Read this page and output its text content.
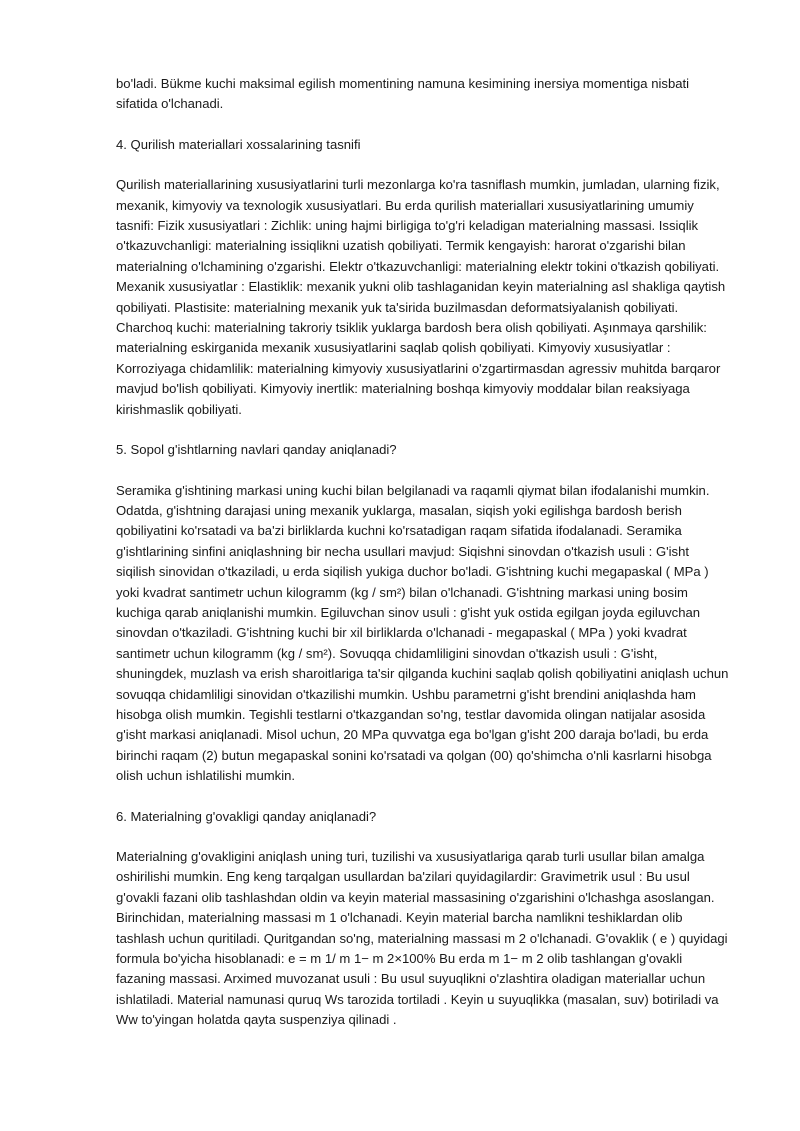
bo'ladi. Bükme kuchi maksimal egilish momentining namuna kesimining inersiya momentiga nisbati sifatida o'lchanadi.

4. Qurilish materiallari xossalarining tasnifi

Qurilish materiallarining xususiyatlarini turli mezonlarga ko'ra tasniflash mumkin, jumladan, ularning fizik, mexanik, kimyoviy va texnologik xususiyatlari. Bu erda qurilish materiallari xususiyatlarining umumiy tasnifi: Fizik xususiyatlari : Zichlik: uning hajmi birligiga to'g'ri keladigan materialning massasi. Issiqlik o'tkazuvchanligi: materialning issiqlikni uzatish qobiliyati. Termik kengayish: harorat o'zgarishi bilan materialning o'lchamining o'zgarishi. Elektr o'tkazuvchanligi: materialning elektr tokini o'tkazish qobiliyati. Mexanik xususiyatlar : Elastiklik: mexanik yukni olib tashlaganidan keyin materialning asl shakliga qaytish qobiliyati. Plastisite: materialning mexanik yuk ta'sirida buzilmasdan deformatsiyalanish qobiliyati. Charchoq kuchi: materialning takroriy tsiklik yuklarga bardosh bera olish qobiliyati. Aşınmaya qarshilik: materialning eskirganida mexanik xususiyatlarini saqlab qolish qobiliyati. Kimyoviy xususiyatlar : Korroziyaga chidamlilik: materialning kimyoviy xususiyatlarini o'zgartirmasdan agressiv muhitda barqaror mavjud bo'lish qobiliyati. Kimyoviy inertlik: materialning boshqa kimyoviy moddalar bilan reaksiyaga kirishmaslik qobiliyati.

5. Sopol g'ishtlarning navlari qanday aniqlanadi?

Seramika g'ishtining markasi uning kuchi bilan belgilanadi va raqamli qiymat bilan ifodalanishi mumkin. Odatda, g'ishtning darajasi uning mexanik yuklarga, masalan, siqish yoki egilishga bardosh berish qobiliyatini ko'rsatadi va ba'zi birliklarda kuchni ko'rsatadigan raqam sifatida ifodalanadi. Seramika g'ishtlarining sinfini aniqlashning bir necha usullari mavjud: Siqishni sinovdan o'tkazish usuli : G'isht siqilish sinovidan o'tkaziladi, u erda siqilish yukiga duchor bo'ladi. G'ishtning kuchi megapaskal ( MPa ) yoki kvadrat santimetr uchun kilogramm (kg / sm²) bilan o'lchanadi. G'ishtning markasi uning bosim kuchiga qarab aniqlanishi mumkin. Egiluvchan sinov usuli : g'isht yuk ostida egilgan joyda egiluvchan sinovdan o'tkaziladi. G'ishtning kuchi bir xil birliklarda o'lchanadi - megapaskal ( MPa ) yoki kvadrat santimetr uchun kilogramm (kg / sm²). Sovuqqa chidamliligini sinovdan o'tkazish usuli : G'isht, shuningdek, muzlash va erish sharoitlariga ta'sir qilganda kuchini saqlab qolish qobiliyatini aniqlash uchun sovuqqa chidamliligi sinovidan o'tkazilishi mumkin. Ushbu parametrni g'isht brendini aniqlashda ham hisobga olish mumkin. Tegishli testlarni o'tkazgandan so'ng, testlar davomida olingan natijalar asosida g'isht markasi aniqlanadi. Misol uchun, 20 MPa quvvatga ega bo'lgan g'isht 200 daraja bo'ladi, bu erda birinchi raqam (2) butun megapaskal sonini ko'rsatadi va qolgan (00) qo'shimcha o'nli kasrlarni hisobga olish uchun ishlatilishi mumkin.

6. Materialning g'ovakligi qanday aniqlanadi?

Materialning g'ovakligini aniqlash uning turi, tuzilishi va xususiyatlariga qarab turli usullar bilan amalga oshirilishi mumkin. Eng keng tarqalgan usullardan ba'zilari quyidagilardir: Gravimetrik usul : Bu usul g'ovakli fazani olib tashlashdan oldin va keyin material massasining o'zgarishini o'lchashga asoslangan. Birinchidan, materialning massasi m 1 o'lchanadi. Keyin material barcha namlikni teshiklardan olib tashlash uchun quritiladi. Quritgandan so'ng, materialning massasi m 2 o'lchanadi. G'ovaklik ( e ) quyidagi formula bo'yicha hisoblanadi: e = m 1/ m 1− m 2×100% Bu erda m 1− m 2 olib tashlangan g'ovakli fazaning massasi. Arximed muvozanat usuli : Bu usul suyuqlikni o'zlashtira oladigan materiallar uchun ishlatiladi. Material namunasi quruq Ws tarozida tortiladi . Keyin u suyuqlikka (masalan, suv) botiriladi va Ww to'yingan holatda qayta suspenziya qilinadi .
